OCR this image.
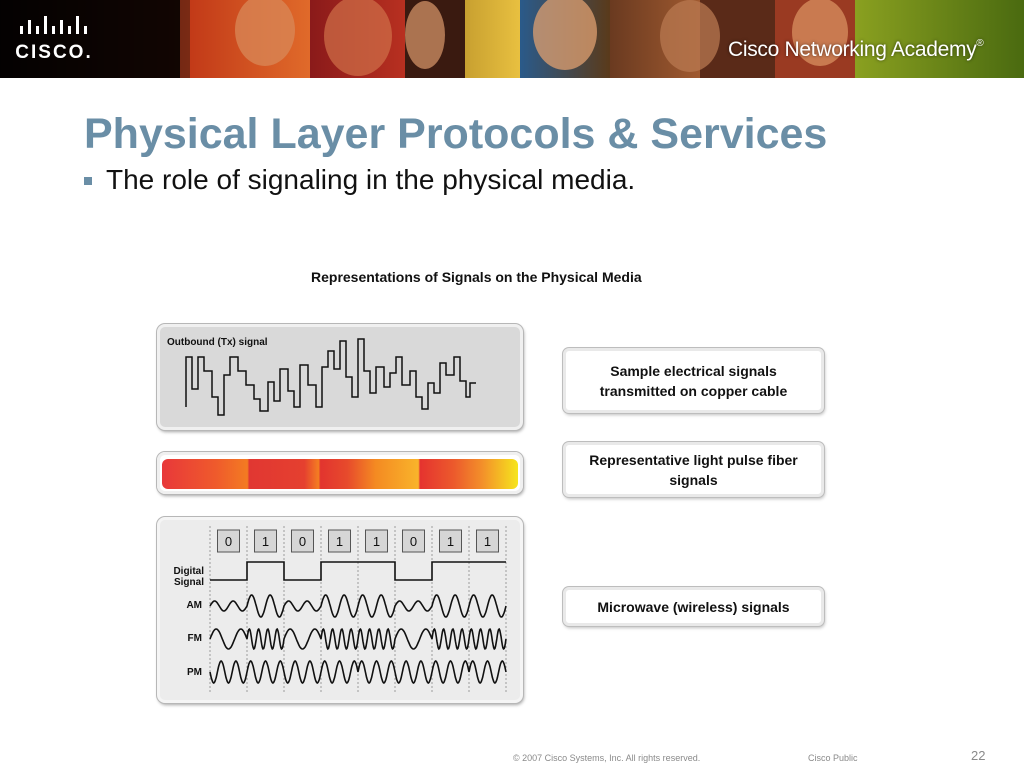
CISCO.	Cisco Networking Academy®
Physical Layer Protocols & Services
The role of signaling in the physical media.
Representations of Signals on the Physical Media
Outbound (Tx) signal
0 1 0 1 1 0 1 1
Digital Signal
AM
FM
PM
Sample electrical signals transmitted on copper cable
Representative light pulse fiber signals
Microwave (wireless) signals
© 2007 Cisco Systems, Inc. All rights reserved.	Cisco Public	22
